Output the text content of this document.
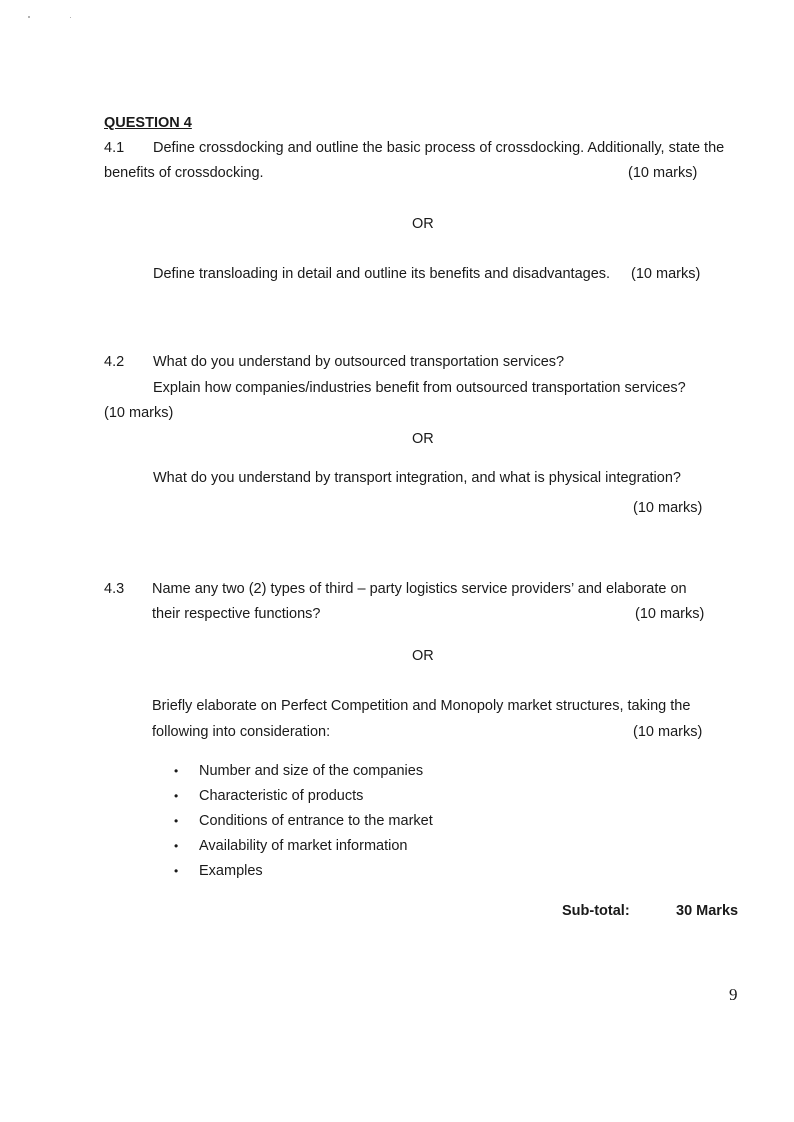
QUESTION 4
4.1 Define crossdocking and outline the basic process of crossdocking. Additionally, state the
benefits of crossdocking.	(10 marks)
OR
Define transloading in detail and outline its benefits and disadvantages. (10 marks)
4.2 What do you understand by outsourced transportation services?
Explain how companies/industries benefit from outsourced transportation services?
(10 marks)
OR
What do you understand by transport integration, and what is physical integration?
(10 marks)
4.3 Name any two (2) types of third – party logistics service providers’ and elaborate on
their respective functions?	(10 marks)
OR
Briefly elaborate on Perfect Competition and Monopoly market structures, taking the
following into consideration:	(10 marks)
• Number and size of the companies
• Characteristic of products
• Conditions of entrance to the market
• Availability of market information
• Examples
Sub-total:	30 Marks
9
